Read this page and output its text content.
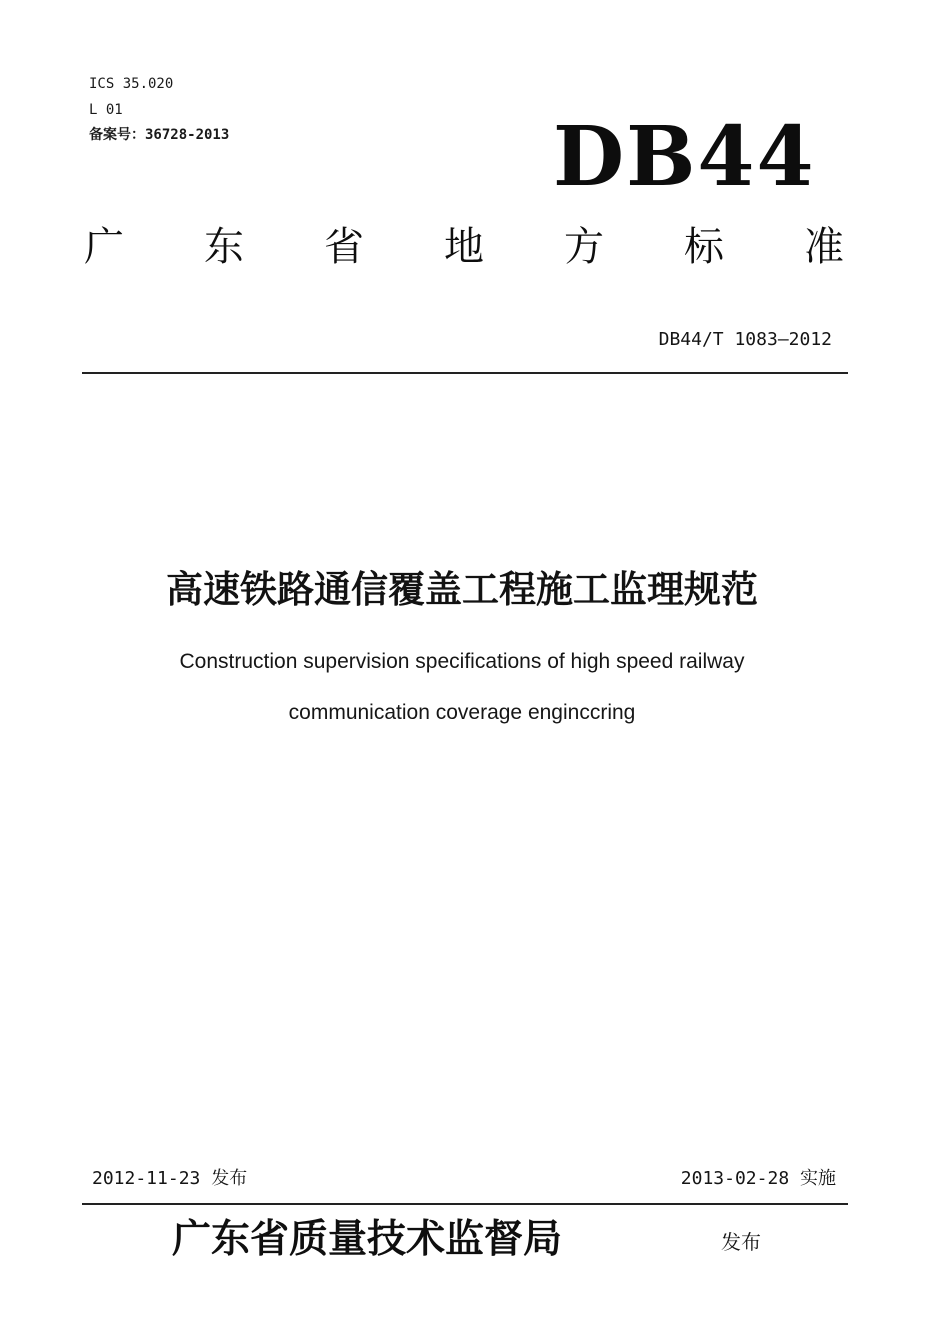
ICS 35.020
L 01
备案号：36728-2013	DB44
广 东 省 地 方 标 准
DB44/T 1083—2012
高速铁路通信覆盖工程施工监理规范
Construction supervision specifications of high speed railway
communication coverage enginccring
2012-11-23 发布	2013-02-28 实施
广东省质量技术监督局	发布
